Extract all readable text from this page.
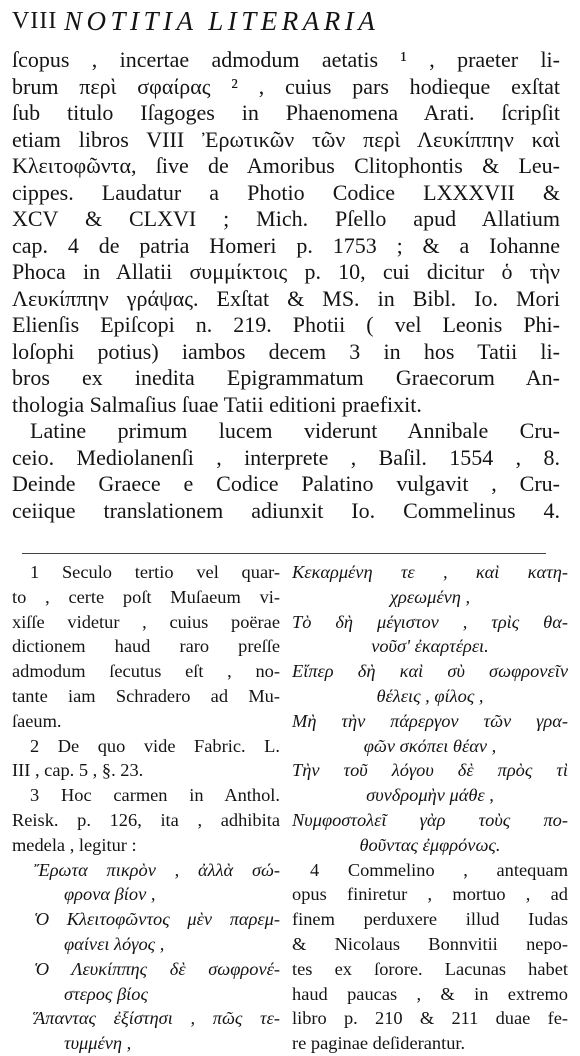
VIII NOTITIA LITERARIA
ſcopus , incertae admodum aetatis ¹ , praeter li-
brum περὶ σφαίρας ² , cuius pars hodieque exſtat
ſub titulo Iſagoges in Phaenomena Arati. ſcripſit
etiam libros VIII Ἐρωτικῶν τῶν περὶ Λευκίππην καὶ
Κλειτοφῶντα, ſive de Amoribus Clitophontis & Leu-
cippes. Laudatur a Photio Codice LXXXVII &
XCV & CLXVI ; Mich. Pſello apud Allatium
cap. 4 de patria Homeri p. 1753 ; & a Iohanne
Phoca in Allatii συμμίκτοις p. 10, cui dicitur ὁ τὴν
Λευκίππην γράψας. Exſtat & MS. in Bibl. Io. Mori
Elienſis Epiſcopi n. 219. Photii ( vel Leonis Phi-
loſophi potius) iambos decem 3 in hos Tatii li-
bros ex inedita Epigrammatum Graecorum An-
thologia Salmaſius ſuae Tatii editioni praefixit.
Latine primum lucem viderunt Annibale Cru-
ceio. Mediolanenſi , interprete , Baſil. 1554 , 8.
Deinde Graece e Codice Palatino vulgavit , Cru-
ceiique translationem adiunxit Io. Commelinus 4.
1 Seculo tertio vel quar-
to , certe poſt Muſaeum vi-
xiſſe videtur , cuius poërae
dictionem haud raro preſſe
admodum ſecutus eſt , no-
tante iam Schradero ad Mu-
ſaeum.
2 De quo vide Fabric. L.
III , cap. 5 , §. 23.
3 Hoc carmen in Anthol.
Reisk. p. 126, ita , adhibita
medela , legitur :
Ἔρωτα πικρὸν , ἀλλὰ σώ-
φρονα βίον ,
Ὁ Κλειτοφῶντος μὲν παρεμ-
φαίνει λόγος ,
Ὁ Λευκίππης δὲ σωφρονέ-
στερος βίος
Ἅπαντας ἐξίστησι , πῶς τε-
τυμμένη ,
Κεκαρμένη τε , καὶ κατη-
χρεωμένη ,
Τὸ δὴ μέγιστον , τρὶς θα-
νοῦσ' ἐκαρτέρει.
Εἴπερ δὴ καὶ σὺ σωφρονεῖν
θέλεις , φίλος ,
Μὴ τὴν πάρεργον τῶν γρα-
φῶν σκόπει θέαν ,
Τὴν τοῦ λόγου δὲ πρὸς τὶ
συνδρομὴν μάθε ,
Νυμφοστολεῖ γὰρ τοὺς πο-
θοῦντας ἐμφρόνως.
4 Commelino , antequam
opus finiretur , mortuo , ad
finem perduxere illud Iudas
& Nicolaus Bonnvitii nepo-
tes ex ſorore. Lacunas habet
haud paucas , & in extremo
libro p. 210 & 211 duae fe-
re paginae deſiderantur.
